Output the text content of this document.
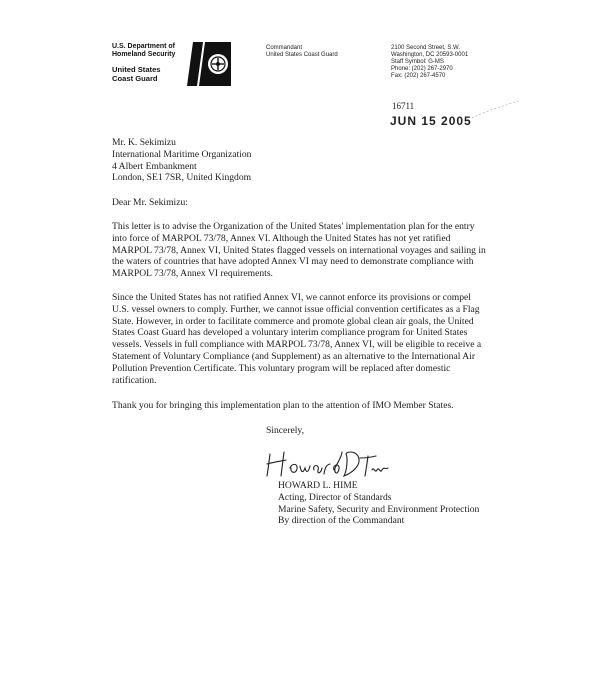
U.S. Department of
Homeland Security
United States
Coast Guard
Commandant
United States Coast Guard
2100 Second Street, S.W.
Washington, DC 20593-0001
Staff Symbol: G-MS
Phone: (202) 267-2970
Fax: (202) 267-4570
16711
JUN 15 2005
Mr. K. Sekimizu
International Maritime Organization
4 Albert Embankment
London, SE1 7SR, United Kingdom
Dear Mr. Sekimizu:
This letter is to advise the Organization of the United States' implementation plan for the entry
into force of MARPOL 73/78, Annex VI. Although the United States has not yet ratified
MARPOL 73/78, Annex VI, United States flagged vessels on international voyages and sailing in
the waters of countries that have adopted Annex VI may need to demonstrate compliance with
MARPOL 73/78, Annex VI requirements.
Since the United States has not ratified Annex VI, we cannot enforce its provisions or compel
U.S. vessel owners to comply. Further, we cannot issue official convention certificates as a Flag
State. However, in order to facilitate commerce and promote global clean air goals, the United
States Coast Guard has developed a voluntary interim compliance program for United States
vessels. Vessels in full compliance with MARPOL 73/78, Annex VI, will be eligible to receive a
Statement of Voluntary Compliance (and Supplement) as an alternative to the International Air
Pollution Prevention Certificate. This voluntary program will be replaced after domestic
ratification.
Thank you for bringing this implementation plan to the attention of IMO Member States.
Sincerely,
HOWARD L. HIME
Acting, Director of Standards
Marine Safety, Security and Environment Protection
By direction of the Commandant
